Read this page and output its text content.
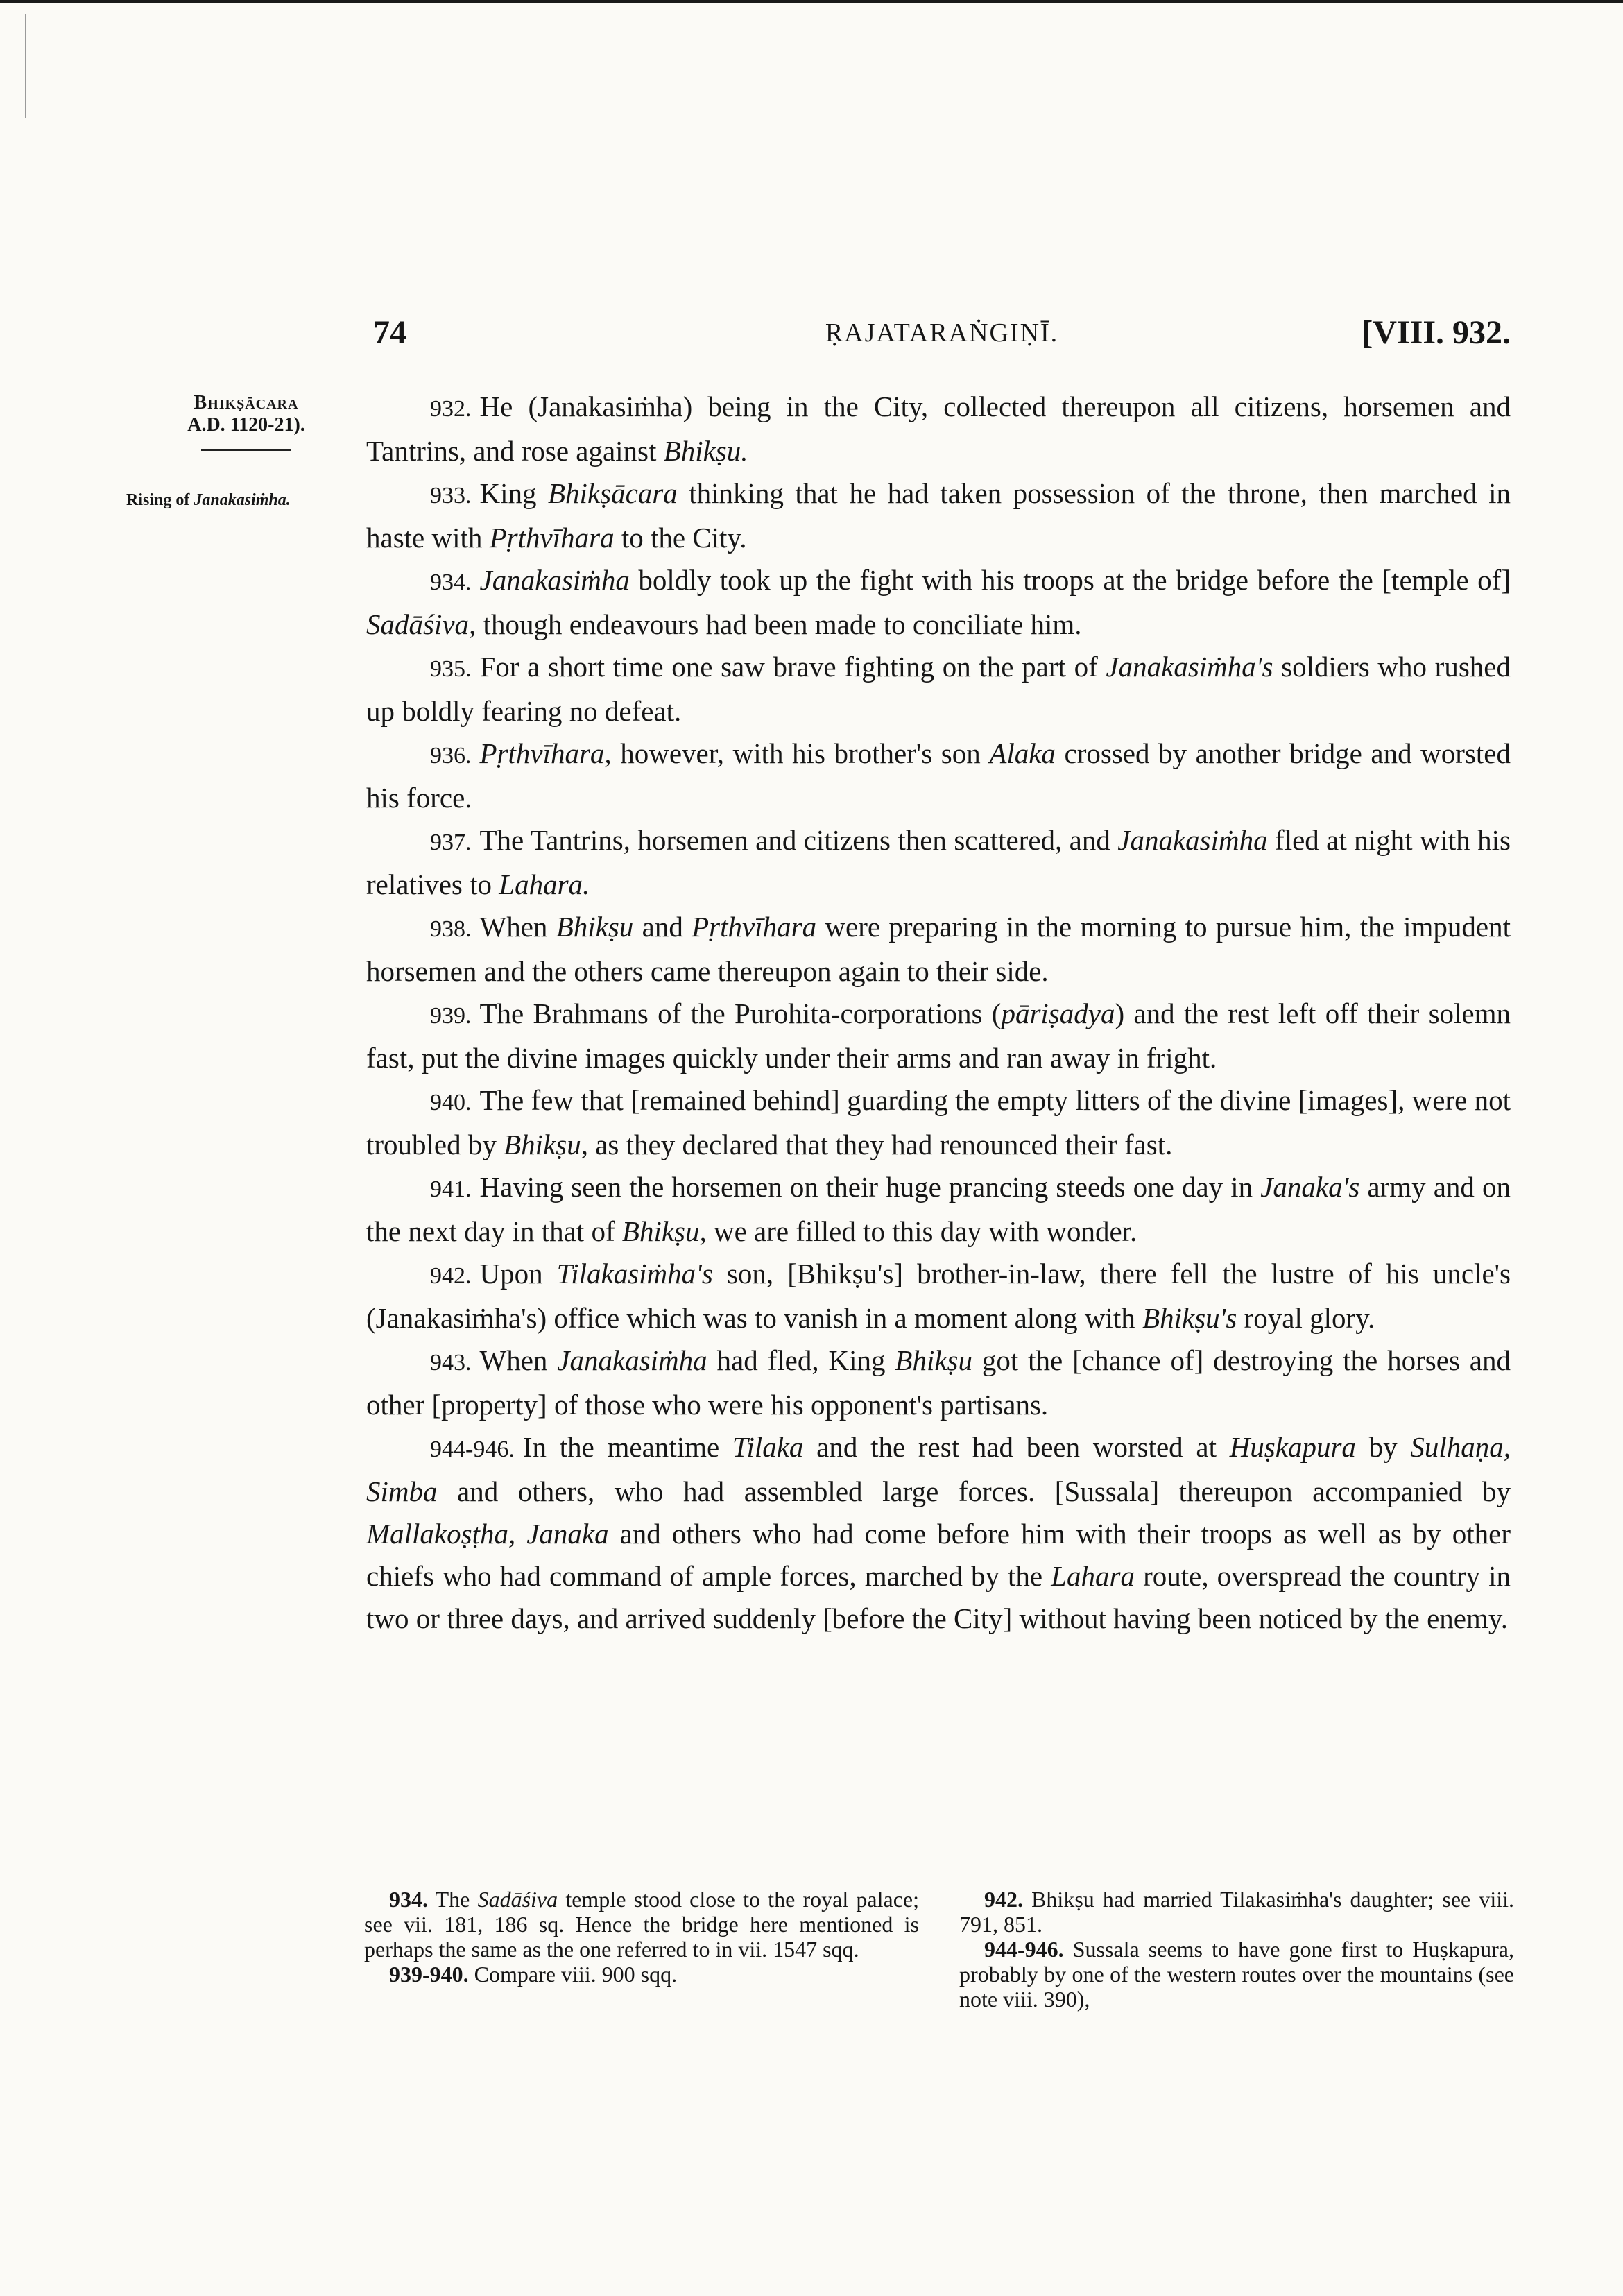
74	ṚAJATARAṄGIṆĪ.	[VIII. 932.
Bhikṣācara
A.D. 1120-21).
Rising of Janakasiṁha.

932. He (Janakasiṁha) being in the City, collected thereupon all citizens, horsemen and Tantrins, and rose against Bhikṣu.

933. King Bhikṣācara thinking that he had taken possession of the throne, then marched in haste with Pṛthvīhara to the City.

934. Janakasiṁha boldly took up the fight with his troops at the bridge before the [temple of] Sadāśiva, though endeavours had been made to conciliate him.

935. For a short time one saw brave fighting on the part of Janakasiṁha's soldiers who rushed up boldly fearing no defeat.

936. Pṛthvīhara, however, with his brother's son Alaka crossed by another bridge and worsted his force.

937. The Tantrins, horsemen and citizens then scattered, and Janakasiṁha fled at night with his relatives to Lahara.

938. When Bhikṣu and Pṛthvīhara were preparing in the morning to pursue him, the impudent horsemen and the others came thereupon again to their side.

939. The Brahmans of the Purohita-corporations (pāriṣadya) and the rest left off their solemn fast, put the divine images quickly under their arms and ran away in fright.

940. The few that [remained behind] guarding the empty litters of the divine [images], were not troubled by Bhikṣu, as they declared that they had renounced their fast.

941. Having seen the horsemen on their huge prancing steeds one day in Janaka's army and on the next day in that of Bhikṣu, we are filled to this day with wonder.

942. Upon Tilakasiṁha's son, [Bhikṣu's] brother-in-law, there fell the lustre of his uncle's (Janakasiṁha's) office which was to vanish in a moment along with Bhikṣu's royal glory.

943. When Janakasiṁha had fled, King Bhikṣu got the [chance of] destroying the horses and other [property] of those who were his opponent's partisans.

944-946. In the meantime Tilaka and the rest had been worsted at Huṣkapura by Sulhaṇa, Simba and others, who had assembled large forces. [Sussala] thereupon accompanied by Mallakoṣṭha, Janaka and others who had come before him with their troops as well as by other chiefs who had command of ample forces, marched by the Lahara route, overspread the country in two or three days, and arrived suddenly [before the City] without having been noticed by the enemy.

934. The Sadāśiva temple stood close to the royal palace; see vii. 181, 186 sq. Hence the bridge here mentioned is perhaps the same as the one referred to in vii. 1547 sqq.

939-940. Compare viii. 900 sqq.

942. Bhikṣu had married Tilakasiṁha's daughter; see viii. 791, 851.

944-946. Sussala seems to have gone first to Huṣkapura, probably by one of the western routes over the mountains (see note viii. 390),
